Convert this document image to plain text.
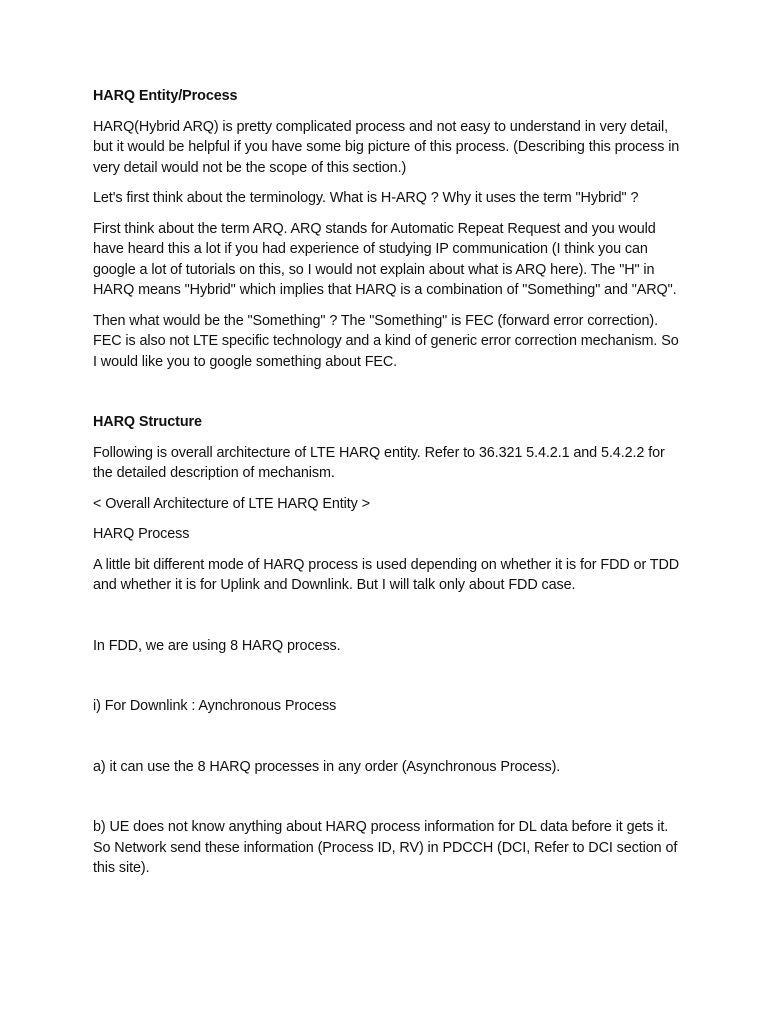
HARQ Entity/Process

HARQ(Hybrid ARQ) is pretty complicated process and not easy to understand in very detail, but it would be helpful if you have some big picture of this process. (Describing this process in very detail would not be the scope of this section.)

Let's first think about the terminology. What is H-ARQ ? Why it uses the term "Hybrid" ?

First think about the term ARQ. ARQ stands for Automatic Repeat Request and you would have heard this a lot if you had experience of studying IP communication (I think you can google a lot of tutorials on this, so I would not explain about what is ARQ here). The "H" in HARQ means "Hybrid" which implies that HARQ is a combination of "Something" and "ARQ".

Then what would be the "Something" ? The "Something" is FEC (forward error correction). FEC is also not LTE specific technology and a kind of generic error correction mechanism. So I would like you to google something about FEC.

HARQ Structure

Following is overall architecture of LTE HARQ entity. Refer to 36.321 5.4.2.1 and 5.4.2.2 for the detailed description of mechanism.

< Overall Architecture of LTE HARQ Entity >

HARQ Process

A little bit different mode of HARQ process is used depending on whether it is for FDD or TDD and whether it is for Uplink and Downlink. But I will talk only about FDD case.

In FDD, we are using 8 HARQ process.

i) For Downlink : Aynchronous Process

a) it can use the 8 HARQ processes in any order (Asynchronous Process).

b) UE does not know anything about HARQ process information for DL data before it gets it. So Network send these information (Process ID, RV) in PDCCH (DCI, Refer to DCI section of this site).
